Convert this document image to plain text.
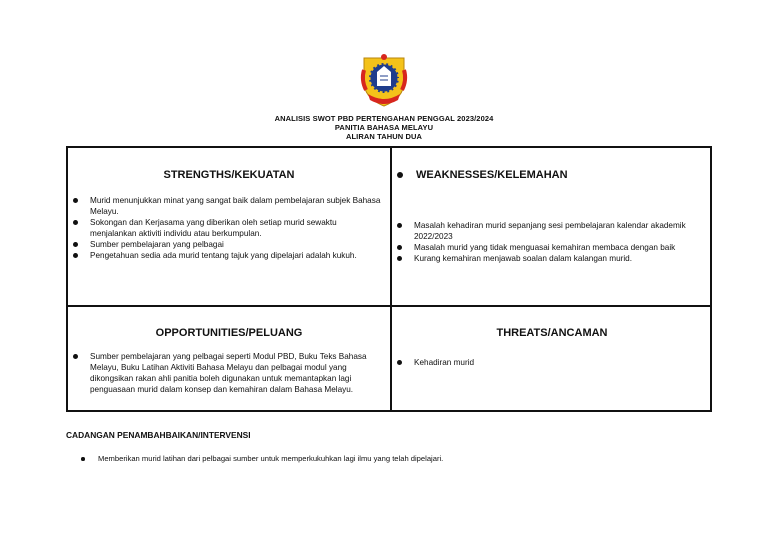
ANALISIS SWOT PBD PERTENGAHAN PENGGAL 2023/2024
PANITIA BAHASA MELAYU
ALIRAN TAHUN DUA
STRENGTHS/KEKUATAN
Murid menunjukkan minat yang sangat baik dalam pembelajaran subjek Bahasa Melayu.
Sokongan dan Kerjasama yang diberikan oleh setiap murid sewaktu menjalankan aktiviti individu atau berkumpulan.
Sumber pembelajaran yang pelbagai
Pengetahuan sedia ada murid tentang tajuk yang dipelajari adalah kukuh.
WEAKNESSES/KELEMAHAN
Masalah kehadiran murid sepanjang sesi pembelajaran kalendar akademik 2022/2023
Masalah murid yang tidak menguasai kemahiran membaca dengan baik
Kurang kemahiran menjawab soalan dalam kalangan murid.
OPPORTUNITIES/PELUANG
Sumber pembelajaran yang pelbagai seperti Modul PBD, Buku Teks Bahasa Melayu, Buku Latihan Aktiviti Bahasa Melayu dan pelbagai modul yang dikongsikan rakan ahli panitia boleh digunakan untuk memantapkan lagi penguasaan murid dalam konsep dan kemahiran dalam Bahasa Melayu.
THREATS/ANCAMAN
Kehadiran murid
CADANGAN PENAMBAHBAIKAN/INTERVENSI
Memberikan murid latihan dari pelbagai sumber untuk memperkukuhkan lagi ilmu yang telah dipelajari.
